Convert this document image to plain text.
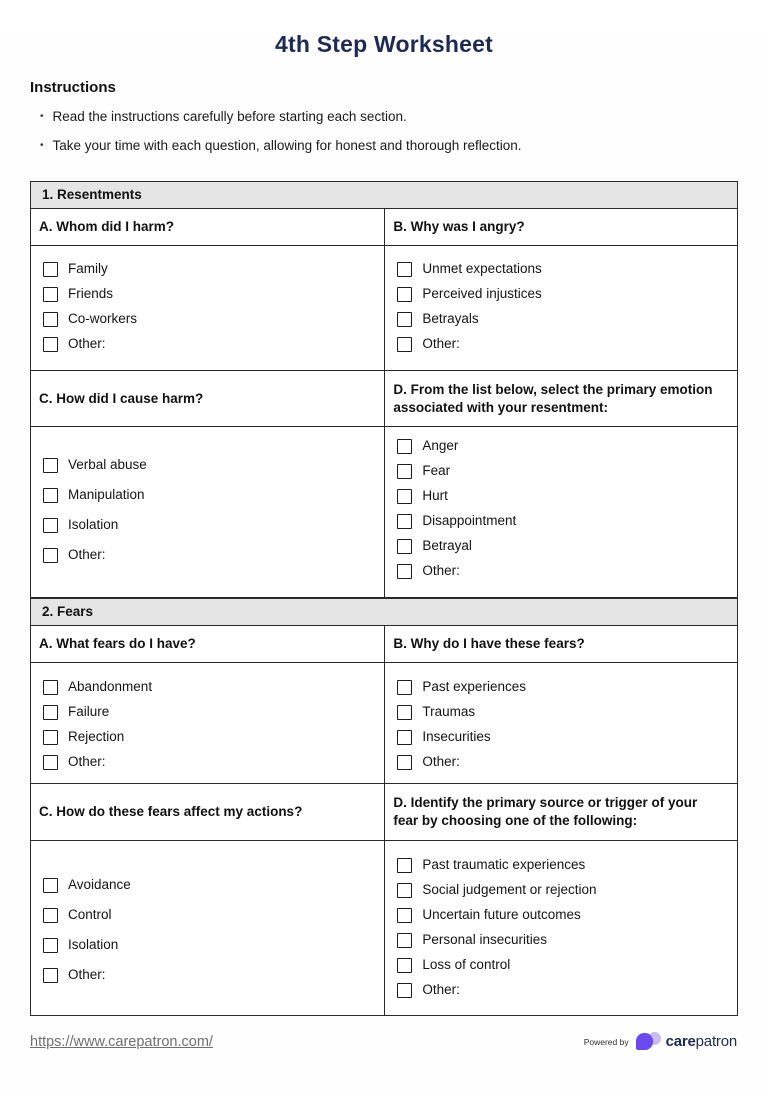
4th Step Worksheet
Instructions
• Read the instructions carefully before starting each section.
• Take your time with each question, allowing for honest and thorough reflection.
1. Resentments
A. Whom did I harm?	B. Why was I angry?
Family
Friends
Co-workers
Other:
Unmet expectations
Perceived injustices
Betrayals
Other:
C. How did I cause harm?
D. From the list below, select the primary emotion associated with your resentment:
Verbal abuse
Manipulation
Isolation
Other:
Anger
Fear
Hurt
Disappointment
Betrayal
Other:
2. Fears
A. What fears do I have?	B. Why do I have these fears?
Abandonment
Failure
Rejection
Other:
Past experiences
Traumas
Insecurities
Other:
C. How do these fears affect my actions?
D. Identify the primary source or trigger of your fear by choosing one of the following:
Avoidance
Control
Isolation
Other:
Past traumatic experiences
Social judgement or rejection
Uncertain future outcomes
Personal insecurities
Loss of control
Other:
https://www.carepatron.com/	Powered by carepatron
